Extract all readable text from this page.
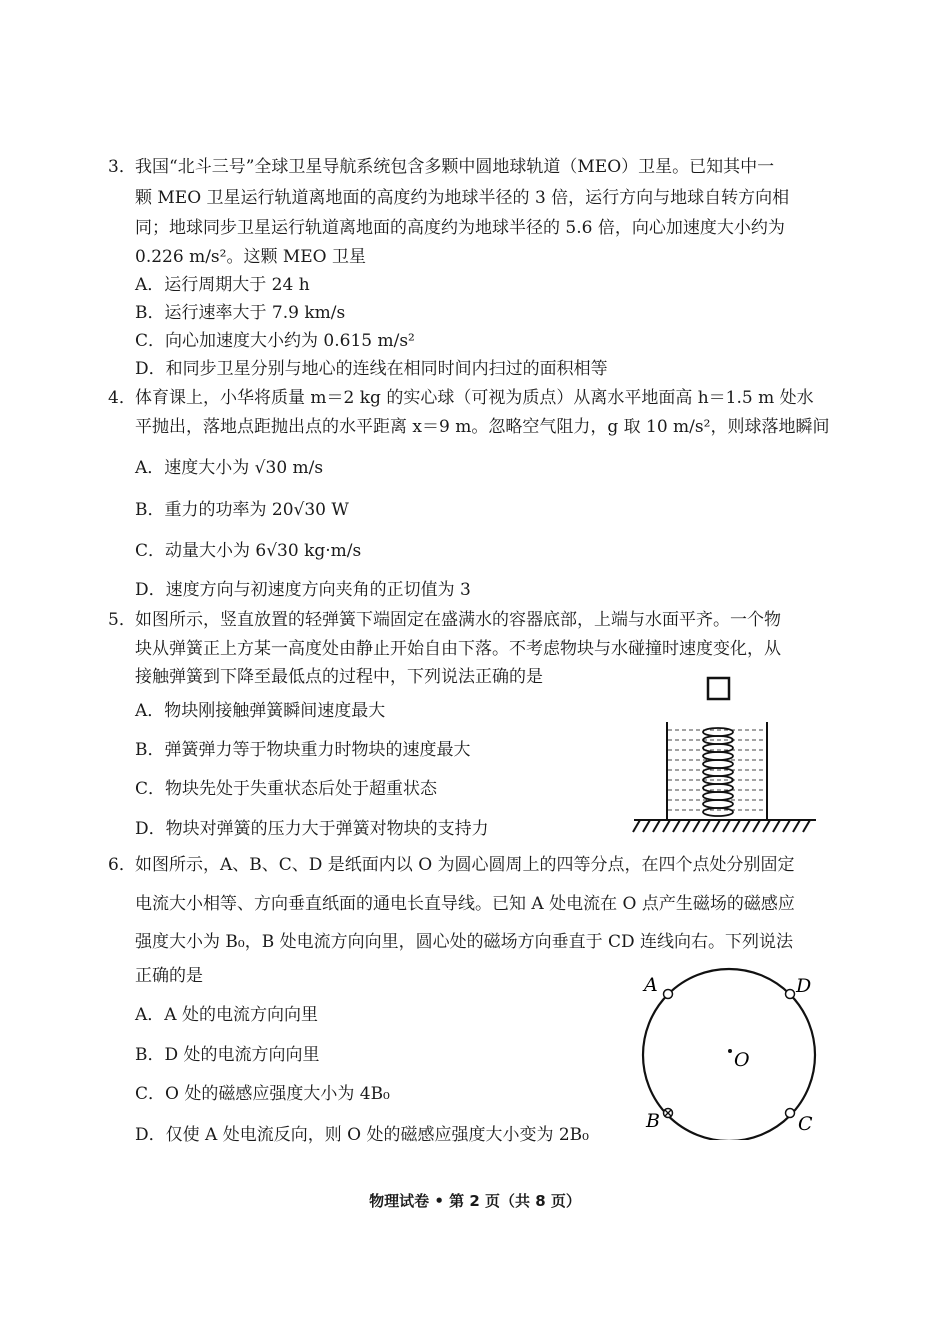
3． 我国“北斗三号”全球卫星导航系统包含多颗中圆地球轨道（MEO）卫星。已知其中一
颗 MEO 卫星运行轨道离地面的高度约为地球半径的 3 倍，运行方向与地球自转方向相
同；地球同步卫星运行轨道离地面的高度约为地球半径的 5.6 倍，向心加速度大小约为
0.226 m/s²。这颗 MEO 卫星
A．运行周期大于 24 h
B．运行速率大于 7.9 km/s
C．向心加速度大小约为 0.615 m/s²
D．和同步卫星分别与地心的连线在相同时间内扫过的面积相等
4． 体育课上，小华将质量 m＝2 kg 的实心球（可视为质点）从离水平地面高 h＝1.5 m 处水
平抛出，落地点距抛出点的水平距离 x＝9 m。忽略空气阻力，g 取 10 m/s²，则球落地瞬间
A．速度大小为 √30 m/s
B．重力的功率为 20√30 W
C．动量大小为 6√30 kg·m/s
D．速度方向与初速度方向夹角的正切值为 3
5． 如图所示，竖直放置的轻弹簧下端固定在盛满水的容器底部，上端与水面平齐。一个物
块从弹簧正上方某一高度处由静止开始自由下落。不考虑物块与水碰撞时速度变化，从
接触弹簧到下降至最低点的过程中，下列说法正确的是
A．物块刚接触弹簧瞬间速度最大
B．弹簧弹力等于物块重力时物块的速度最大
C．物块先处于失重状态后处于超重状态
D．物块对弹簧的压力大于弹簧对物块的支持力
6． 如图所示，A、B、C、D 是纸面内以 O 为圆心圆周上的四等分点，在四个点处分别固定
电流大小相等、方向垂直纸面的通电长直导线。已知 A 处电流在 O 点产生磁场的磁感应
强度大小为 B₀，B 处电流方向向里，圆心处的磁场方向垂直于 CD 连线向右。下列说法
正确的是
A．A 处的电流方向向里
B．D 处的电流方向向里
C．O 处的磁感应强度大小为 4B₀
D．仅使 A 处电流反向，则 O 处的磁感应强度大小变为 2B₀
A	D
B	C
O
物理试卷 • 第 2 页（共 8 页）
